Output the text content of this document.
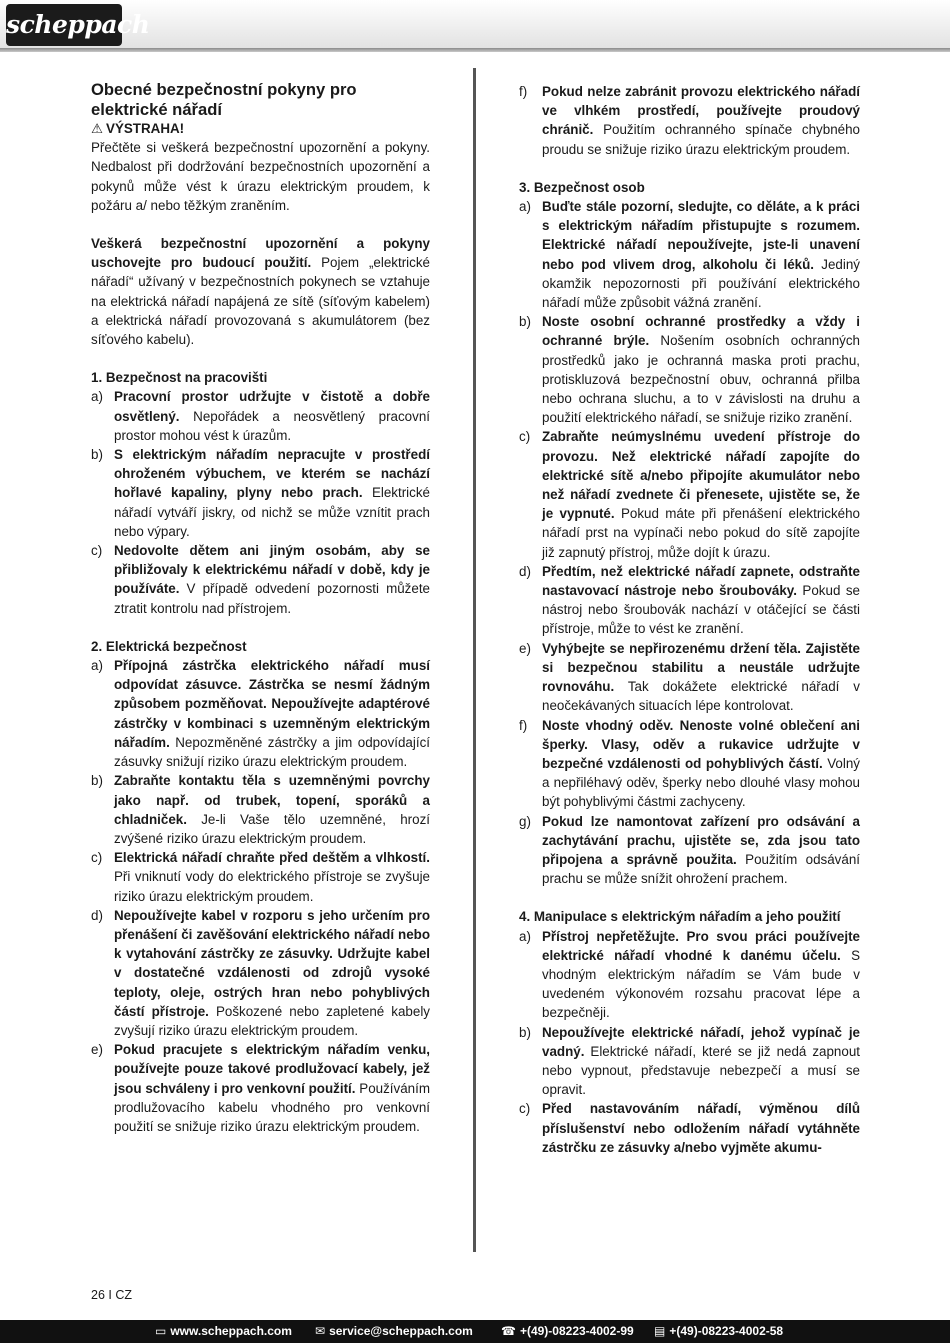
scheppach
Obecné bezpečnostní pokyny pro elektrické nářadí
⚠ VÝSTRAHA!

Přečtěte si veškerá bezpečnostní upozornění a pokyny. Nedbalost při dodržování bezpečnostních upozornění a pokynů může vést k úrazu elektrickým proudem, k požáru a/ nebo těžkým zraněním.

Veškerá bezpečnostní upozornění a pokyny uschovejte pro budoucí použití. Pojem „elektrické nářadí“ užívaný v bezpečnostních pokynech se vztahuje na elektrická nářadí napájená ze sítě (síťovým kabelem) a elektrická nářadí provozovaná s akumulátorem (bez síťového kabelu).

1. Bezpečnost na pracovišti
a) Pracovní prostor udržujte v čistotě a dobře osvětlený. Nepořádek a neosvětlený pracovní prostor mohou vést k úrazům.
b) S elektrickým nářadím nepracujte v prostředí ohroženém výbuchem, ve kterém se nachází hořlavé kapaliny, plyny nebo prach. Elektrické nářadí vytváří jiskry, od nichž se může vznítit prach nebo výpary.
c) Nedovolte dětem ani jiným osobám, aby se přibližovaly k elektrickému nářadí v době, kdy je používáte. V případě odvedení pozornosti můžete ztratit kontrolu nad přístrojem.
2. Elektrická bezpečnost
a) Přípojná zástrčka elektrického nářadí musí odpovídat zásuvce. Zástrčka se nesmí žádným způsobem pozměňovat. Nepoužívejte adaptérové zástrčky v kombinaci s uzemněným elektrickým nářadím. Nepozměněné zástrčky a jim odpovídající zásuvky snižují riziko úrazu elektrickým proudem.
b) Zabraňte kontaktu těla s uzemněnými povrchy jako např. od trubek, topení, sporáků a chladniček. Je-li Vaše tělo uzemněné, hrozí zvýšené riziko úrazu elektrickým proudem.
c) Elektrická nářadí chraňte před deštěm a vlhkostí. Při vniknutí vody do elektrického přístroje se zvyšuje riziko úrazu elektrickým proudem.
d) Nepoužívejte kabel v rozporu s jeho určením pro přenášení či zavěšování elektrického nářadí nebo k vytahování zástrčky ze zásuvky. Udržujte kabel v dostatečné vzdálenosti od zdrojů vysoké teploty, oleje, ostrých hran nebo pohyblivých částí přístroje. Poškozené nebo zapletené kabely zvyšují riziko úrazu elektrickým proudem.
e) Pokud pracujete s elektrickým nářadím venku, používejte pouze takové prodlužovací kabely, jež jsou schváleny i pro venkovní použití. Používáním prodlužovacího kabelu vhodného pro venkovní použití se snižuje riziko úrazu elektrickým proudem.
f) Pokud nelze zabránit provozu elektrického nářadí ve vlhkém prostředí, používejte proudový chránič. Použitím ochranného spínače chybného proudu se snižuje riziko úrazu elektrickým proudem.
3. Bezpečnost osob
a) Buďte stále pozorní, sledujte, co děláte, a k práci s elektrickým nářadím přistupujte s rozumem. Elektrické nářadí nepoužívejte, jste-li unavení nebo pod vlivem drog, alkoholu či léků. Jediný okamžik nepozornosti při používání elektrického nářadí může způsobit vážná zranění.
b) Noste osobní ochranné prostředky a vždy i ochranné brýle. Nošením osobních ochranných prostředků jako je ochranná maska proti prachu, protiskluzová bezpečnostní obuv, ochranná přilba nebo ochrana sluchu, a to v závislosti na druhu a použití elektrického nářadí, se snižuje riziko zranění.
c) Zabraňte neúmyslnému uvedení přístroje do provozu. Než elektrické nářadí zapojíte do elektrické sítě a/nebo připojíte akumulátor nebo než nářadí zvednete či přenesete, ujistěte se, že je vypnuté. Pokud máte při přenášení elektrického nářadí prst na vypínači nebo pokud do sítě zapojíte již zapnutý přístroj, může dojít k úrazu.
d) Předtím, než elektrické nářadí zapnete, odstraňte nastavovací nástroje nebo šroubováky. Pokud se nástroj nebo šroubovák nachází v otáčející se části přístroje, může to vést ke zranění.
e) Vyhýbejte se nepřirozenému držení těla. Zajistěte si bezpečnou stabilitu a neustále udržujte rovnováhu. Tak dokážete elektrické nářadí v neočekávaných situacích lépe kontrolovat.
f) Noste vhodný oděv. Nenoste volné oblečení ani šperky. Vlasy, oděv a rukavice udržujte v bezpečné vzdálenosti od pohyblivých částí. Volný a nepřiléhavý oděv, šperky nebo dlouhé vlasy mohou být pohyblivými částmi zachyceny.
g) Pokud lze namontovat zařízení pro odsávání a zachytávání prachu, ujistěte se, zda jsou tato připojena a správně použita. Použitím odsávání prachu se může snížit ohrožení prachem.
4. Manipulace s elektrickým nářadím a jeho použití
a) Přístroj nepřetěžujte. Pro svou práci používejte elektrické nářadí vhodné k danému účelu. S vhodným elektrickým nářadím se Vám bude v uvedeném výkonovém rozsahu pracovat lépe a bezpečněji.
b) Nepoužívejte elektrické nářadí, jehož vypínač je vadný. Elektrické nářadí, které se již nedá zapnout nebo vypnout, představuje nebezpečí a musí se opravit.
c) Před nastavováním nářadí, výměnou dílů příslušenství nebo odložením nářadí vytáhněte zástrčku ze zásuvky a/nebo vyjměte akumu-
26 I CZ
▭ www.scheppach.com ✉ service@scheppach.com ☎ +(49)-08223-4002-99 ▤ +(49)-08223-4002-58
